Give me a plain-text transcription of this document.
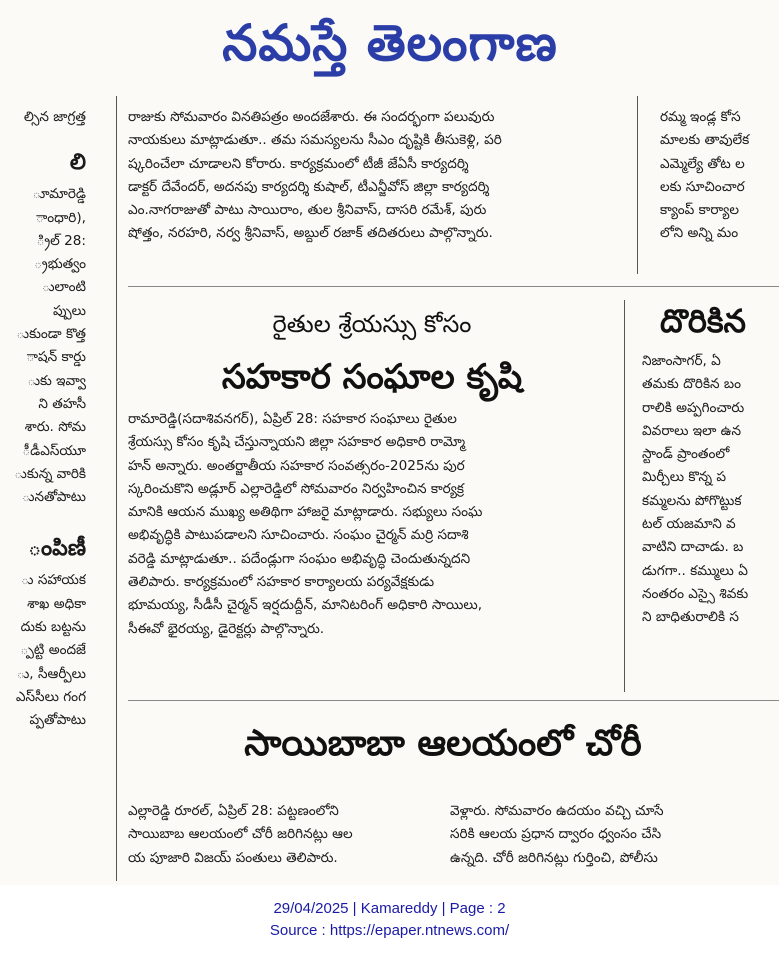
నమస్తే తెలంగాణ
ల్సిన జాగ్రత్త
లి
ూమారెడ్డి
ాంధారి),
్రిల్ 28:
్రభుత్వం
ులాంటి
ప్పులు
ుకుండా కొత్త
ాషన్ కార్డు
ుకు ఇవ్వా
ని తహసీ
శారు. సోమ
ీడీఎస్‌యూ
ుకున్న వారికి
ునతోపాటు
ంపిణీ
ు సహాయక
శాఖ అధికా
దుకు బట్టను
్పట్టి అందజే
ు, సీఆర్పీలు
ఎస్‌సీలు గంగ
ప్పతోపాటు
రాజుకు సోమవారం వినతిపత్రం అందజేశారు. ఈ సందర్భంగా పలువురు
నాయకులు మాట్లాడుతూ.. తమ సమస్యలను సీఎం దృష్టికి తీసుకెళ్లి, పరి
ష్కరించేలా చూడాలని కోరారు. కార్యక్రమంలో టీజీ జేఏసీ కార్యదర్శి
డాక్టర్ దేవేందర్, అదనపు కార్యదర్శి కుషాల్, టీఎన్జీవోస్ జిల్లా కార్యదర్శి
ఎం.నాగరాజుతో పాటు సాయిరాం, తుల శ్రీనివాస్, దాసరి రమేశ్, పురు
షోత్తం, నరహరి, నర్వ శ్రీనివాస్, అబ్దుల్ రజాక్ తదితరులు పాల్గొన్నారు.
రమ్మ ఇండ్ల కోస
మాలకు తావులేక
ఎమ్మెల్యే తోట ల
లకు సూచించార
క్యాంప్ కార్యాల
లోని అన్ని మం
రైతుల శ్రేయస్సు కోసం
సహకార సంఘాల కృషి
రామారెడ్డి(సదాశివనగర్), ఏప్రిల్ 28: సహకార సంఘాలు రైతుల
శ్రేయస్సు కోసం కృషి చేస్తున్నాయని జిల్లా సహకార అధికారి రామ్మో
హన్ అన్నారు. అంతర్జాతీయ సహకార సంవత్సరం-2025ను పుర
స్కరించుకొని అడ్లూర్ ఎల్లారెడ్డిలో సోమవారం నిర్వహించిన కార్యక్ర
మానికి ఆయన ముఖ్య అతిథిగా హాజరై మాట్లాడారు. సభ్యులు సంఘ
అభివృద్ధికి పాటుపడాలని సూచించారు. సంఘం చైర్మన్ మర్రి సదాశి
వరెడ్డి మాట్లాడుతూ.. పదేండ్లుగా సంఘం అభివృద్ధి చెందుతున్నదని
తెలిపారు. కార్యక్రమంలో సహకార కార్యాలయ పర్యవేక్షకుడు
భూమయ్య, సీడీసీ చైర్మన్ ఇర్షదుద్దీన్, మానిటరింగ్ అధికారి సాయిలు,
సీఈవో భైరయ్య, డైరెక్టర్లు పాల్గొన్నారు.
దొరికిన
నిజాంసాగర్, ఏ
తమకు దొరికిన బం
రాలికి అప్పగించారు
వివరాలు ఇలా ఉన
స్టాండ్ ప్రాంతంలో
మిర్చీలు కొన్న ప
కమ్మలను పోగొట్టుక
టల్ యజమాని వ
వాటిని దాచాడు. బ
డుగగా.. కమ్ములు ఏ
నంతరం ఎస్సై శివకు
ని బాధితురాలికి స
సాయిబాబా ఆలయంలో చోరీ
ఎల్లారెడ్డి రూరల్, ఏప్రిల్ 28: పట్టణంలోని
సాయిబాబ ఆలయంలో చోరీ జరిగినట్లు ఆల
య పూజారి విజయ్ పంతులు తెలిపారు.
వెళ్లారు. సోమవారం ఉదయం వచ్చి చూసే
సరికి ఆలయ ప్రధాన ద్వారం ధ్వంసం చేసి
ఉన్నది. చోరీ జరిగినట్లు గుర్తించి, పోలీసు
29/04/2025 | Kamareddy | Page : 2
Source : https://epaper.ntnews.com/
